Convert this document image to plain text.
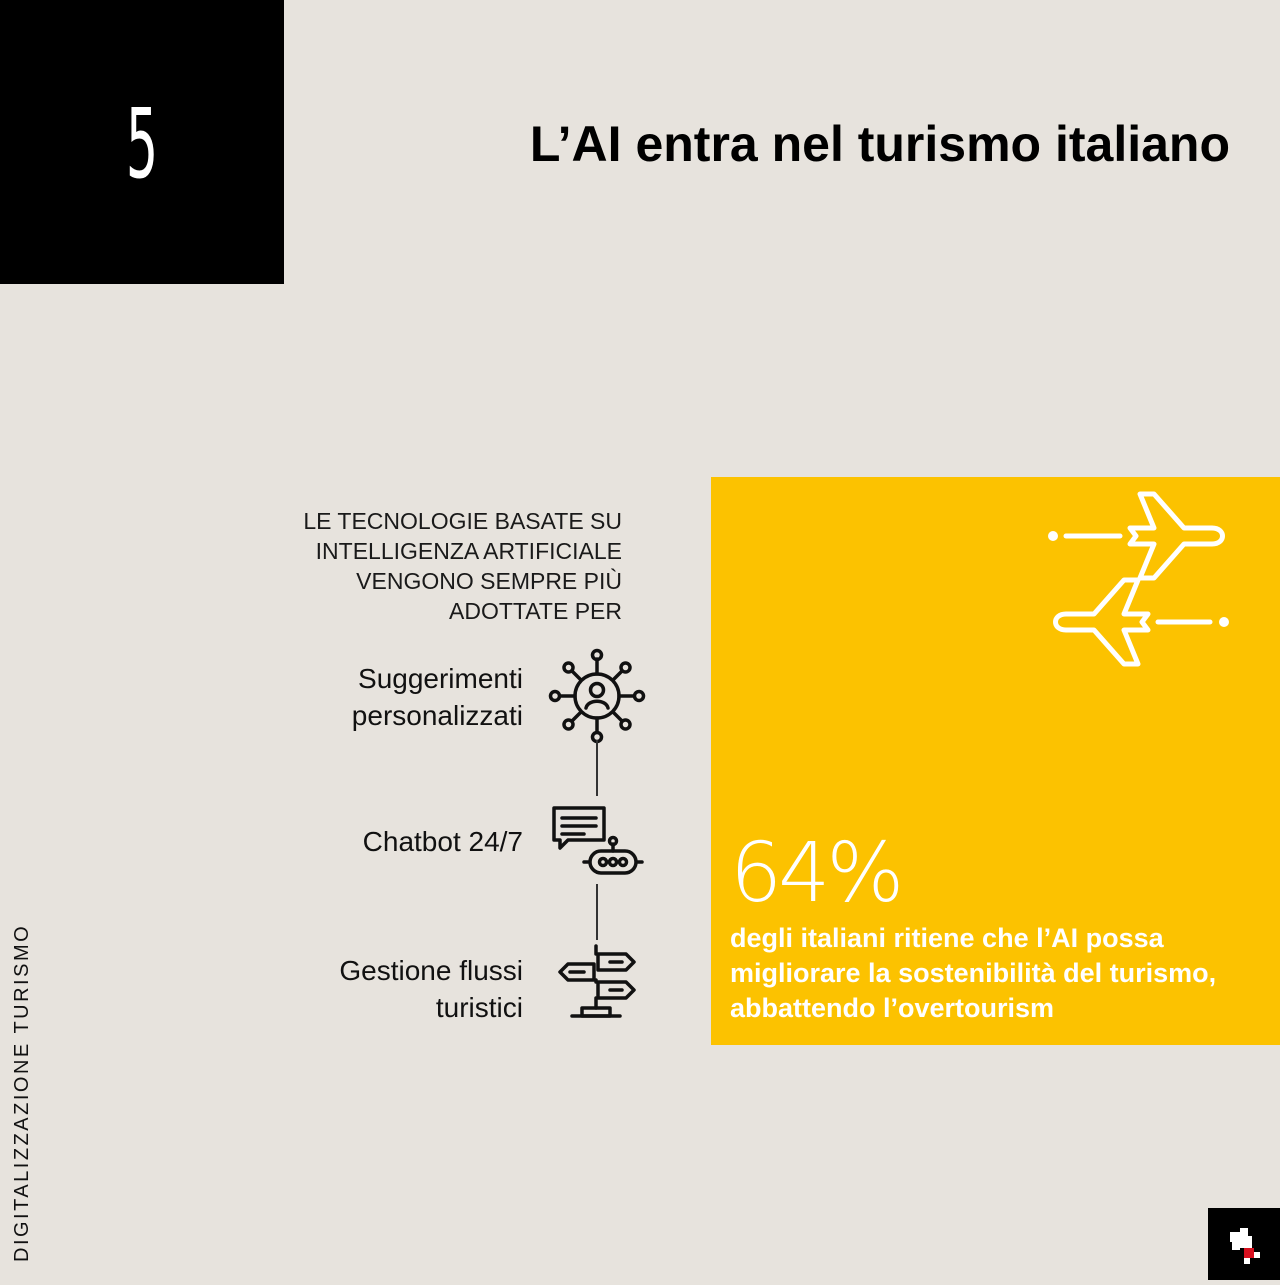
5	L’AI entra nel turismo italiano

LE TECNOLOGIE BASATE SU INTELLIGENZA ARTIFICIALE VENGONO SEMPRE PIÙ ADOTTATE PER

Suggerimenti personalizzati
Chatbot 24/7
Gestione flussi turistici
64%

degli italiani ritiene che l’AI possa migliorare la sostenibilità del turismo, abbattendo l’overtourism

DIGITALIZZAZIONE TURISMO
